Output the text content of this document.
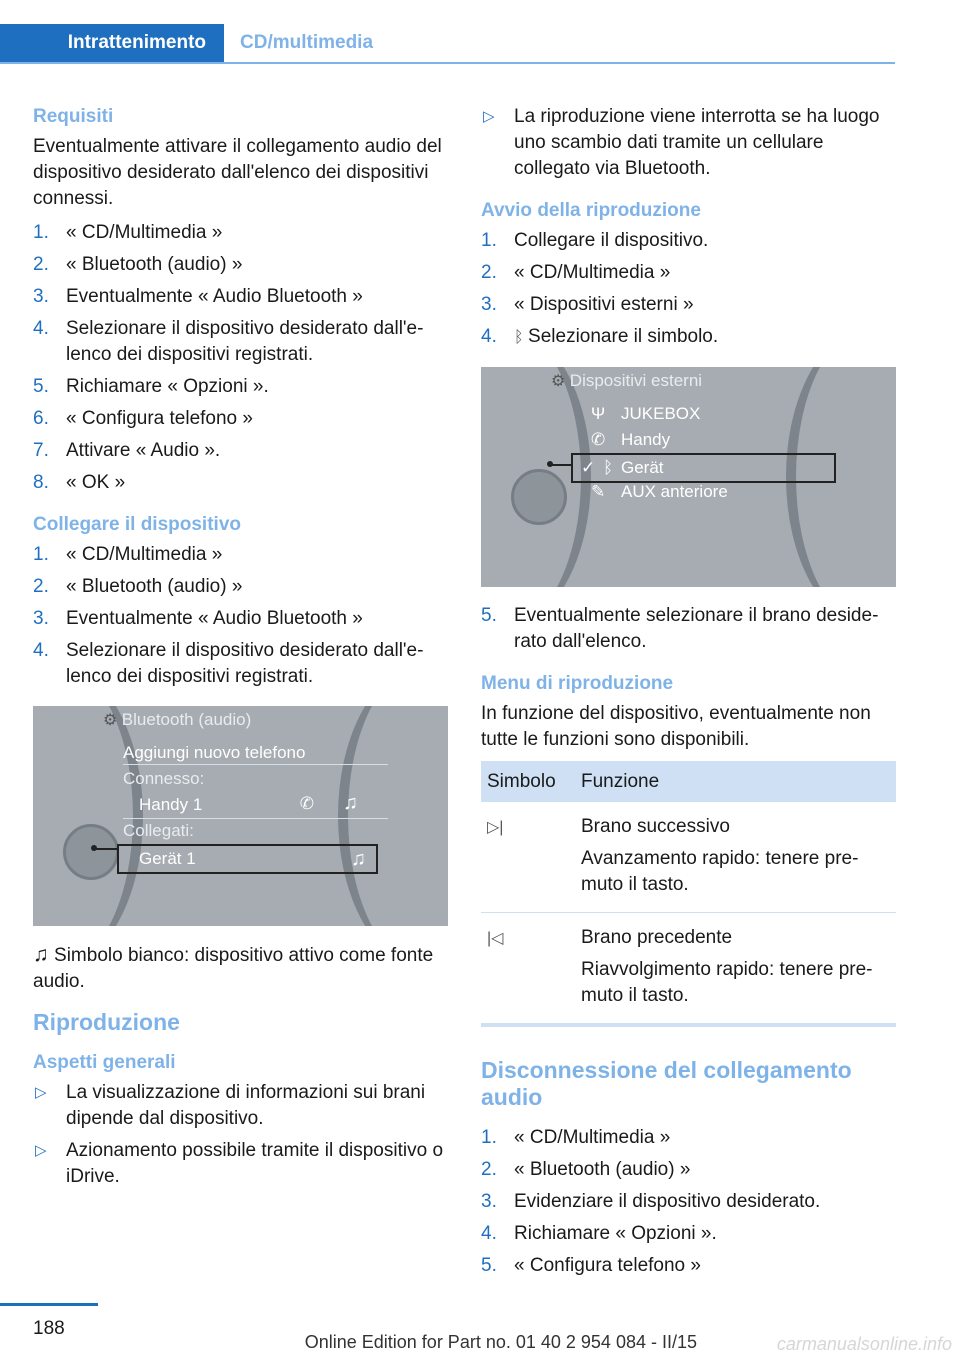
Intrattenimento	CD/multimedia
Requisiti

Eventualmente attivare il collegamento audio del dispositivo desiderato dall'elenco dei dispositivi connessi.

1. « CD/Multimedia »
2. « Bluetooth (audio) »
3. Eventualmente « Audio Bluetooth »
4. Selezionare il dispositivo desiderato dall'elenco dei dispositivi registrati.
5. Richiamare « Opzioni ».
6. « Configura telefono »
7. Attivare « Audio ».
8. « OK »
Collegare il dispositivo
1. « CD/Multimedia »
2. « Bluetooth (audio) »
3. Eventualmente « Audio Bluetooth »
4. Selezionare il dispositivo desiderato dall'elenco dei dispositivi registrati.
⚙ Bluetooth (audio)
Aggiungi nuovo telefono
Connesso:
Handy 1	✆ ♫
Collegati:
Gerät 1	♫

♫ Simbolo bianco: dispositivo attivo come fonte audio.

Riproduzione
Aspetti generali
▷ La visualizzazione di informazioni sui brani dipende dal dispositivo.
▷ Azionamento possibile tramite il dispositivo o iDrive.
▷ La riproduzione viene interrotta se ha luogo uno scambio dati tramite un cellulare collegato via Bluetooth.
Avvio della riproduzione
1. Collegare il dispositivo.
2. « CD/Multimedia »
3. « Dispositivi esterni »
4. ᛒ Selezionare il simbolo.
⚙ Dispositivi esterni
Ψ JUKEBOX
✆ Handy
✓ ᛒ Gerät
✎ AUX anteriore
5. Eventualmente selezionare il brano desiderato dall'elenco.
Menu di riproduzione

In funzione del dispositivo, eventualmente non tutte le funzioni sono disponibili.

Simbolo	Funzione
▷|	Brano successivo

Avanzamento rapido: tenere premuto il tasto.

|◁	Brano precedente

Riavvolgimento rapido: tenere premuto il tasto.

Disconnessione del collegamento audio
1. « CD/Multimedia »
2. « Bluetooth (audio) »
3. Evidenziare il dispositivo desiderato.
4. Richiamare « Opzioni ».
5. « Configura telefono »
188
Online Edition for Part no. 01 40 2 954 084 - II/15	carmanualsonline.info
